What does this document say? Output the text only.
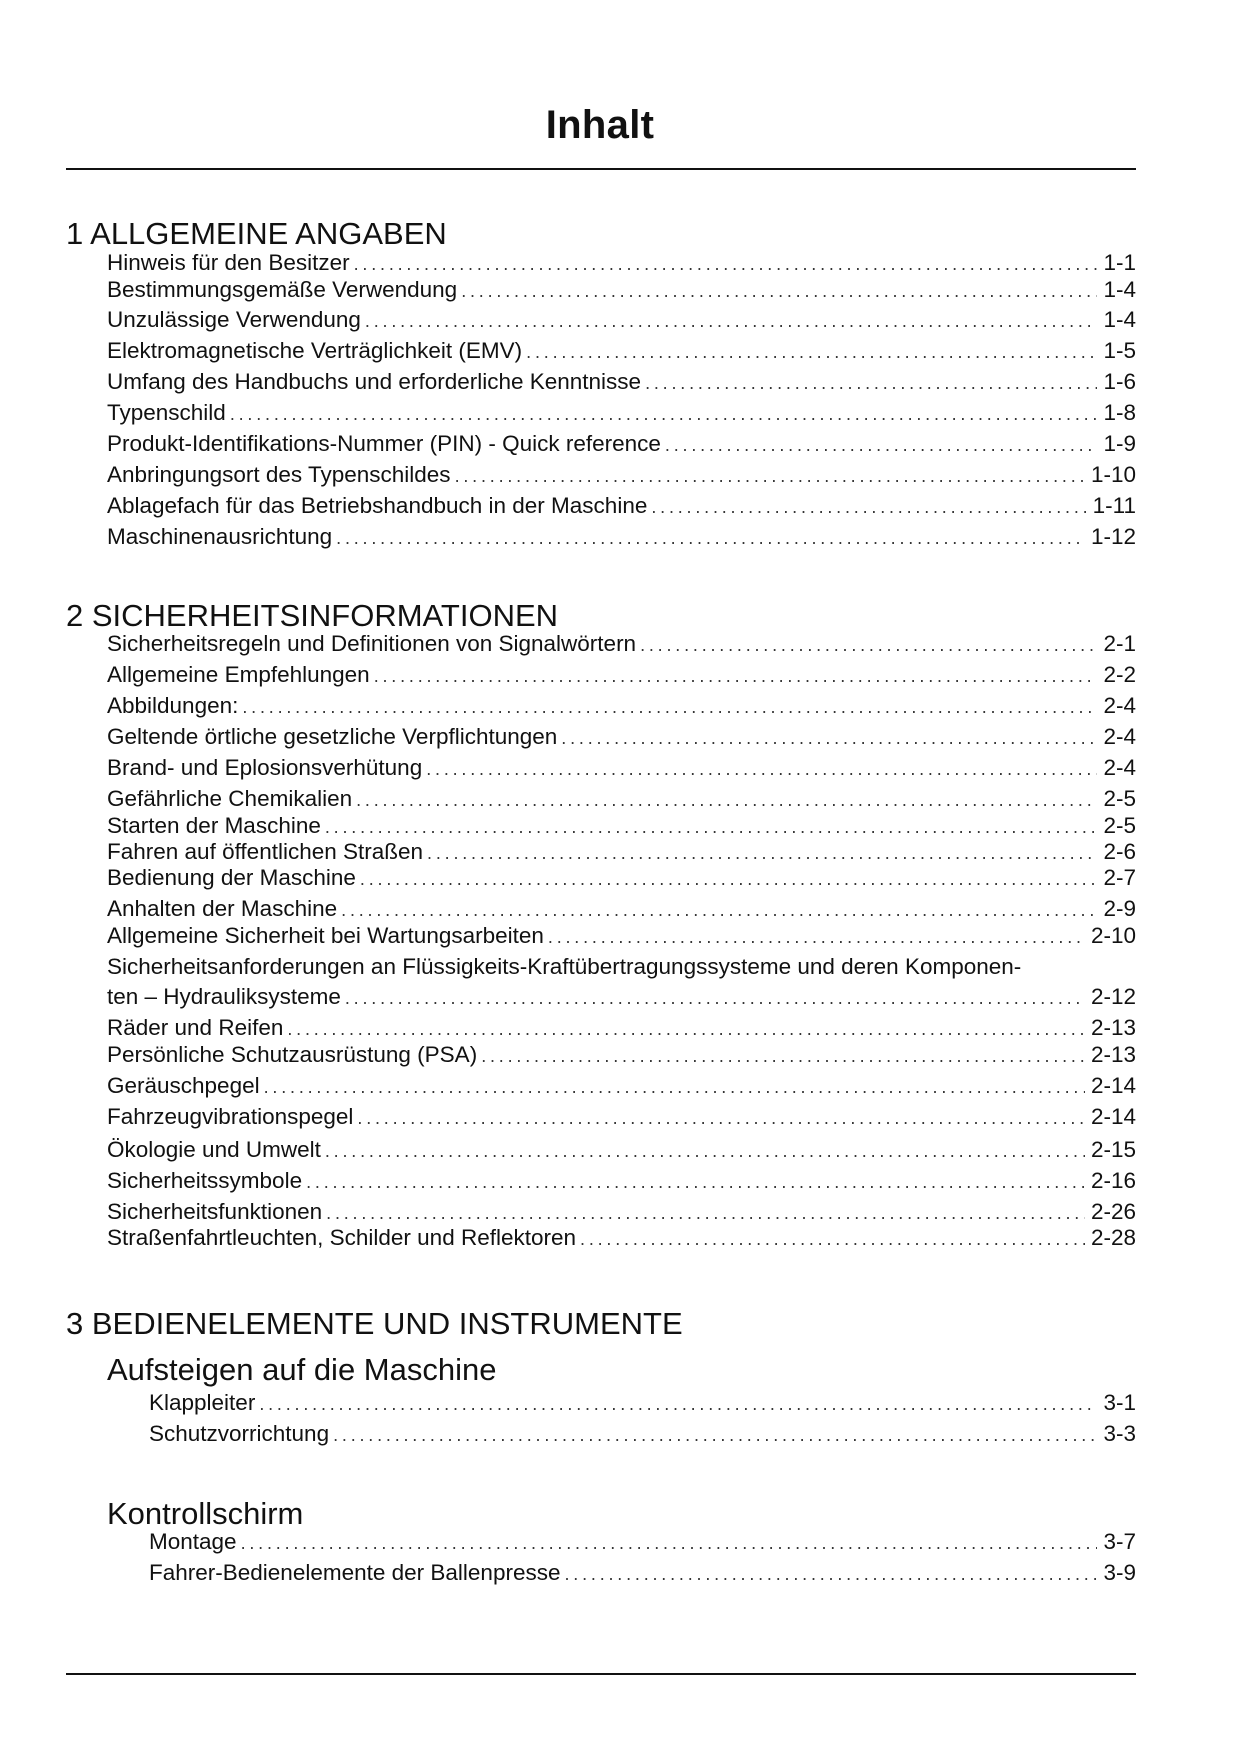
Inhalt
1 ALLGEMEINE ANGABEN
Hinweis für den Besitzer . . .	1-1
Bestimmungsgemäße Verwendung . . .	1-4
Unzulässige Verwendung . . .	1-4
Elektromagnetische Verträglichkeit (EMV) . . .	1-5
Umfang des Handbuchs und erforderliche Kenntnisse . . .	1-6
Typenschild . . .	1-8
Produkt-Identifikations-Nummer (PIN) - Quick reference . . .	1-9
Anbringungsort des Typenschildes . . .	1-10
Ablagefach für das Betriebshandbuch in der Maschine . . .	1-11
Maschinenausrichtung . . .	1-12
2 SICHERHEITSINFORMATIONEN
Sicherheitsregeln und Definitionen von Signalwörtern . . .	2-1
Allgemeine Empfehlungen . . .	2-2
Abbildungen: . . .	2-4
Geltende örtliche gesetzliche Verpflichtungen . . .	2-4
Brand- und Eplosionsverhütung . . .	2-4
Gefährliche Chemikalien . . .	2-5
Starten der Maschine . . .	2-5
Fahren auf öffentlichen Straßen . . .	2-6
Bedienung der Maschine . . .	2-7
Anhalten der Maschine . . .	2-9
Allgemeine Sicherheit bei Wartungsarbeiten . . .	2-10
Sicherheitsanforderungen an Flüssigkeits-Kraftübertragungssysteme und deren Komponen-
ten – Hydrauliksysteme . . .	2-12
Räder und Reifen . . .	2-13
Persönliche Schutzausrüstung (PSA) . . .	2-13
Geräuschpegel . . .	2-14
Fahrzeugvibrationspegel . . .	2-14
Ökologie und Umwelt . . .	2-15
Sicherheitssymbole . . .	2-16
Sicherheitsfunktionen . . .	2-26
Straßenfahrtleuchten, Schilder und Reflektoren . . .	2-28
3 BEDIENELEMENTE UND INSTRUMENTE
Aufsteigen auf die Maschine
Klappleiter . . .	3-1
Schutzvorrichtung . . .	3-3
Kontrollschirm
Montage . . .	3-7
Fahrer-Bedienelemente der Ballenpresse . . .	3-9
